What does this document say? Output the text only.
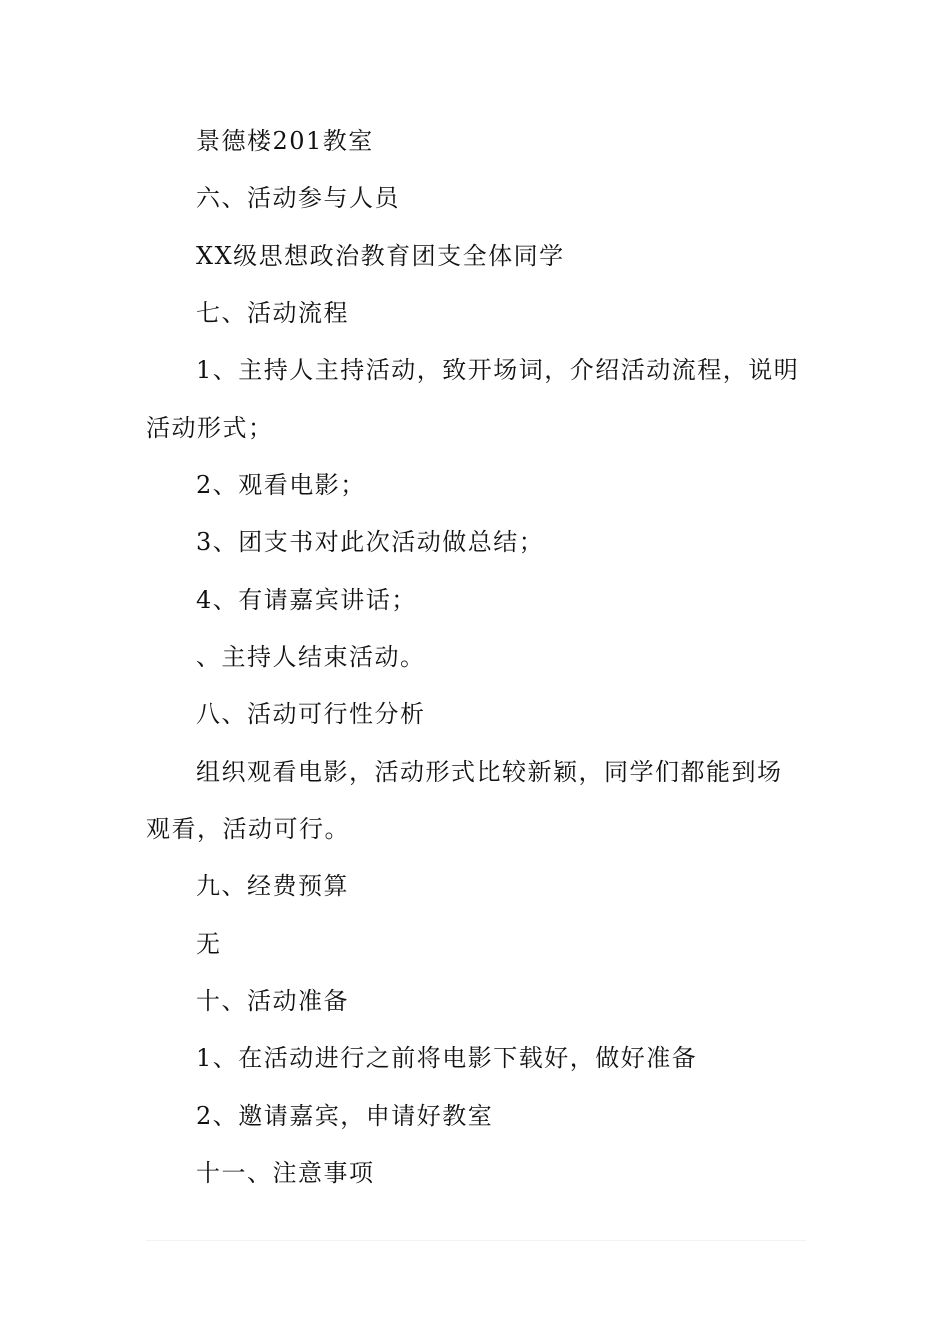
景德楼201教室
六、活动参与人员
XX级思想政治教育团支全体同学
七、活动流程
1、主持人主持活动，致开场词，介绍活动流程，说明
活动形式；
2、观看电影；
3、团支书对此次活动做总结；
4、有请嘉宾讲话；
、主持人结束活动。
八、活动可行性分析
组织观看电影，活动形式比较新颖，同学们都能到场
观看，活动可行。
九、经费预算
无
十、活动准备
1、在活动进行之前将电影下载好，做好准备
2、邀请嘉宾，申请好教室
十一、注意事项
